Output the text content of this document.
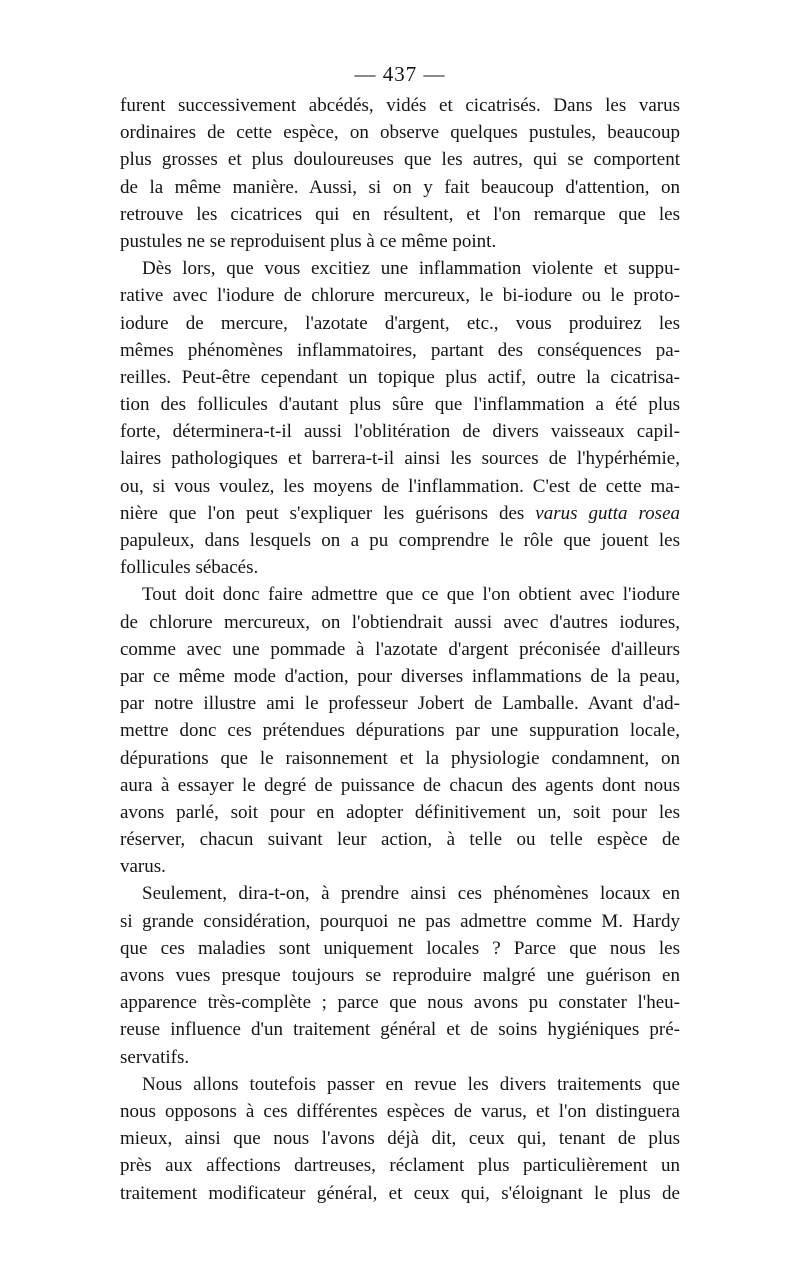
— 437 —
furent successivement abcédés, vidés et cicatrisés. Dans les varus
ordinaires de cette espèce, on observe quelques pustules, beaucoup
plus grosses et plus douloureuses que les autres, qui se comportent
de la même manière. Aussi, si on y fait beaucoup d'attention, on
retrouve les cicatrices qui en résultent, et l'on remarque que les
pustules ne se reproduisent plus à ce même point.
Dès lors, que vous excitiez une inflammation violente et suppu-
rative avec l'iodure de chlorure mercureux, le bi-iodure ou le proto-
iodure de mercure, l'azotate d'argent, etc., vous produirez les
mêmes phénomènes inflammatoires, partant des conséquences pa-
reilles. Peut-être cependant un topique plus actif, outre la cicatrisa-
tion des follicules d'autant plus sûre que l'inflammation a été plus
forte, déterminera-t-il aussi l'oblitération de divers vaisseaux capil-
laires pathologiques et barrera-t-il ainsi les sources de l'hypérhémie,
ou, si vous voulez, les moyens de l'inflammation. C'est de cette ma-
nière que l'on peut s'expliquer les guérisons des varus gutta rosea
papuleux, dans lesquels on a pu comprendre le rôle que jouent les
follicules sébacés.
Tout doit donc faire admettre que ce que l'on obtient avec l'iodure
de chlorure mercureux, on l'obtiendrait aussi avec d'autres iodures,
comme avec une pommade à l'azotate d'argent préconisée d'ailleurs
par ce même mode d'action, pour diverses inflammations de la peau,
par notre illustre ami le professeur Jobert de Lamballe. Avant d'ad-
mettre donc ces prétendues dépurations par une suppuration locale,
dépurations que le raisonnement et la physiologie condamnent, on
aura à essayer le degré de puissance de chacun des agents dont nous
avons parlé, soit pour en adopter définitivement un, soit pour les
réserver, chacun suivant leur action, à telle ou telle espèce de
varus.
Seulement, dira-t-on, à prendre ainsi ces phénomènes locaux en
si grande considération, pourquoi ne pas admettre comme M. Hardy
que ces maladies sont uniquement locales ? Parce que nous les
avons vues presque toujours se reproduire malgré une guérison en
apparence très-complète ; parce que nous avons pu constater l'heu-
reuse influence d'un traitement général et de soins hygiéniques pré-
servatifs.
Nous allons toutefois passer en revue les divers traitements que
nous opposons à ces différentes espèces de varus, et l'on distinguera
mieux, ainsi que nous l'avons déjà dit, ceux qui, tenant de plus
près aux affections dartreuses, réclament plus particulièrement un
traitement modificateur général, et ceux qui, s'éloignant le plus de
